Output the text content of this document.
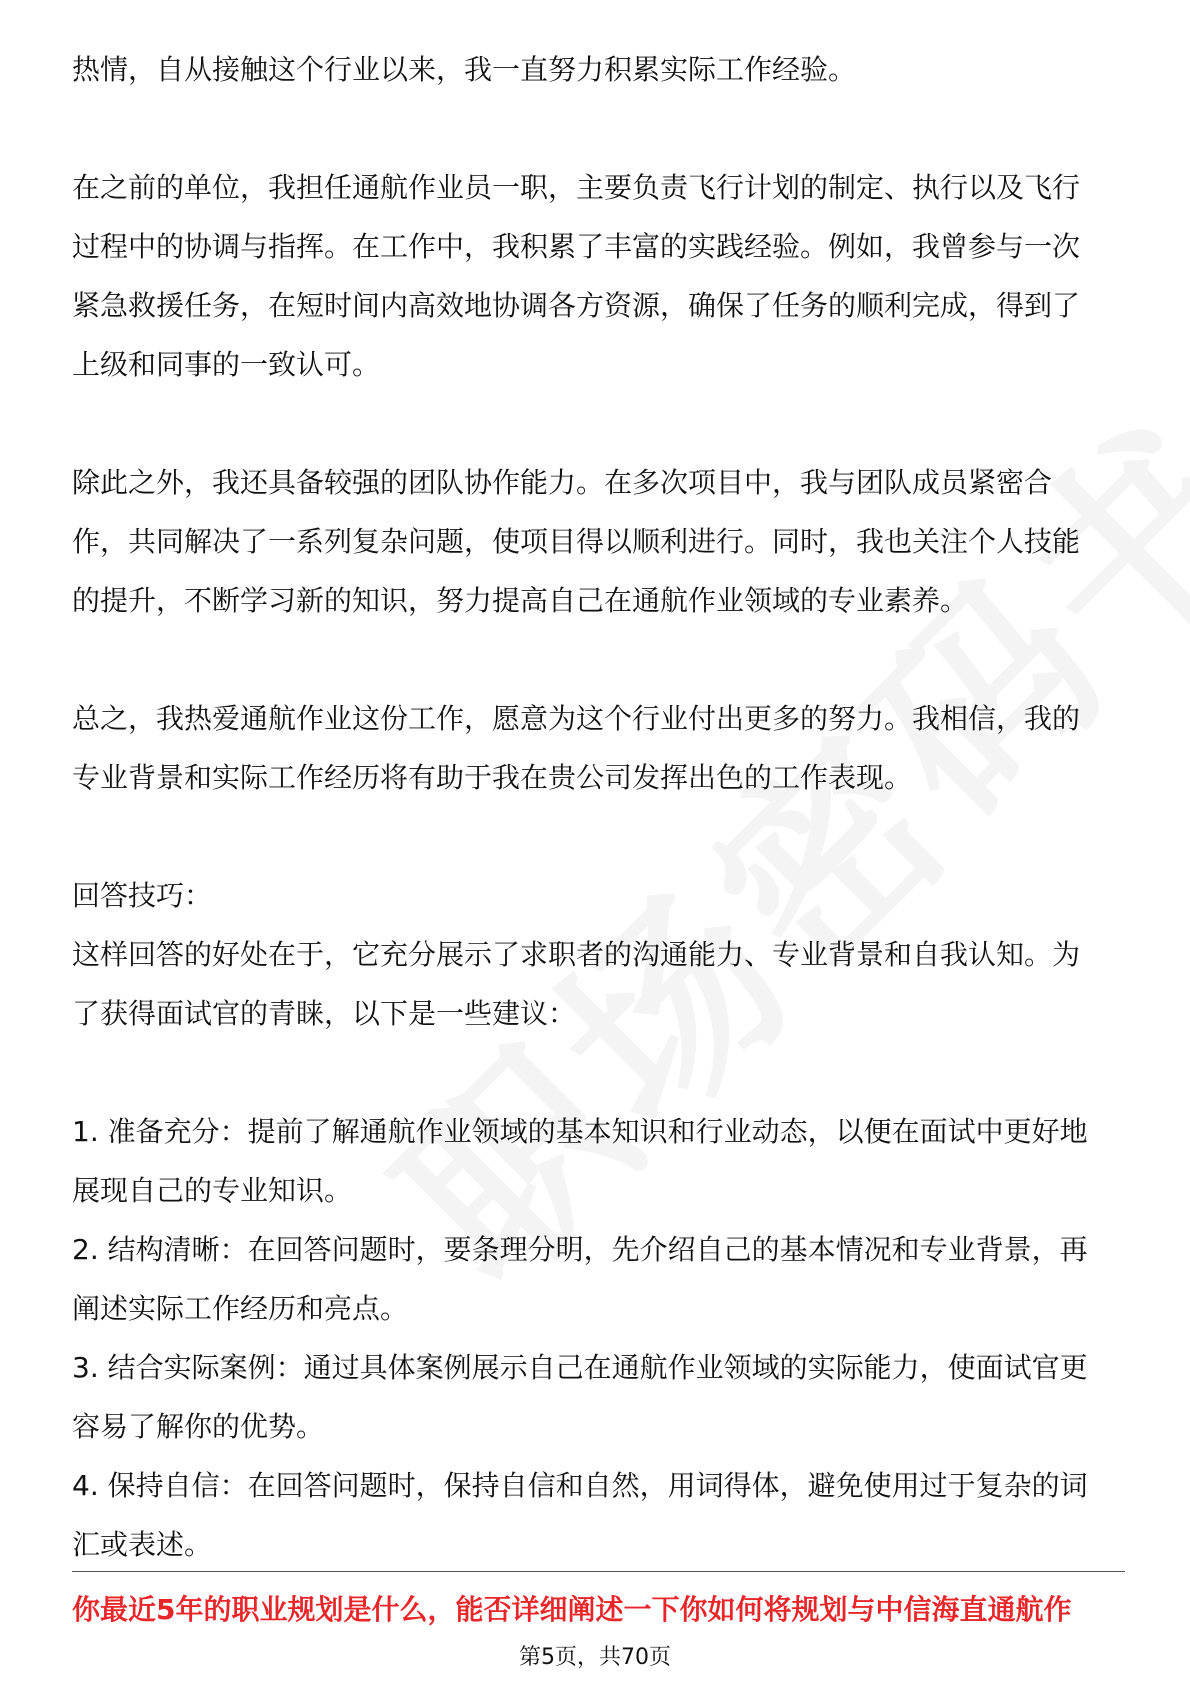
热情，自从接触这个行业以来，我一直努力积累实际工作经验。

在之前的单位，我担任通航作业员一职，主要负责飞行计划的制定、执行以及飞行

过程中的协调与指挥。在工作中，我积累了丰富的实践经验。例如，我曾参与一次

紧急救援任务，在短时间内高效地协调各方资源，确保了任务的顺利完成，得到了

上级和同事的一致认可。

除此之外，我还具备较强的团队协作能力。在多次项目中，我与团队成员紧密合

作，共同解决了一系列复杂问题，使项目得以顺利进行。同时，我也关注个人技能

的提升，不断学习新的知识，努力提高自己在通航作业领域的专业素养。

总之，我热爱通航作业这份工作，愿意为这个行业付出更多的努力。我相信，我的

专业背景和实际工作经历将有助于我在贵公司发挥出色的工作表现。

回答技巧：

这样回答的好处在于，它充分展示了求职者的沟通能力、专业背景和自我认知。为

了获得面试官的青睐，以下是一些建议：

1. 准备充分：提前了解通航作业领域的基本知识和行业动态，以便在面试中更好地

展现自己的专业知识。

2. 结构清晰：在回答问题时，要条理分明，先介绍自己的基本情况和专业背景，再

阐述实际工作经历和亮点。

3. 结合实际案例：通过具体案例展示自己在通航作业领域的实际能力，使面试官更

容易了解你的优势。

4. 保持自信：在回答问题时，保持自信和自然，用词得体，避免使用过于复杂的词

汇或表述。

你最近5年的职业规划是什么，能否详细阐述一下你如何将规划与中信海直通航作
第5页，共70页
